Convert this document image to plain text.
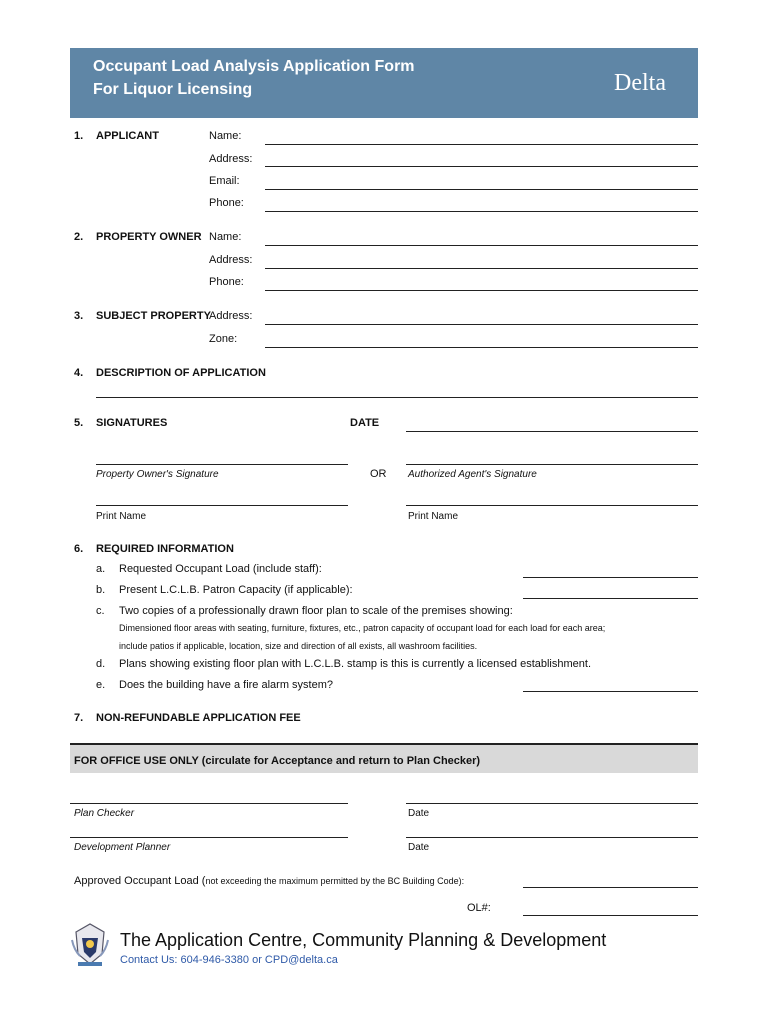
Occupant Load Analysis Application Form
For Liquor Licensing	Delta
1. APPLICANT	Name:
Address:
Email:
Phone:
2. PROPERTY OWNER Name:
Address:
Phone:
3. SUBJECT PROPERTY
Address:
Zone:
4. DESCRIPTION OF APPLICATION
5. SIGNATURES	DATE
Property Owner's Signature	OR Authorized Agent's Signature
Print Name	Print Name
6. REQUIRED INFORMATION
a. Requested Occupant Load (include staff):
b. Present L.C.L.B. Patron Capacity (if applicable):
c. Two copies of a professionally drawn floor plan to scale of the premises showing:
Dimensioned floor areas with seating, furniture, fixtures, etc., patron capacity of occupant load for each load for each area;
include patios if applicable, location, size and direction of all exists, all washroom facilities.
d. Plans showing existing floor plan with L.C.L.B. stamp is this is currently a licensed establishment.
e. Does the building have a fire alarm system?
7. NON-REFUNDABLE APPLICATION FEE
FOR OFFICE USE ONLY (circulate for Acceptance and return to Plan Checker)
Plan Checker	Date
Development Planner	Date
Approved Occupant Load (not exceeding the maximum permitted by the BC Building Code):
OL#:
The Application Centre, Community Planning & Development
Contact Us: 604-946-3380 or CPD@delta.ca
